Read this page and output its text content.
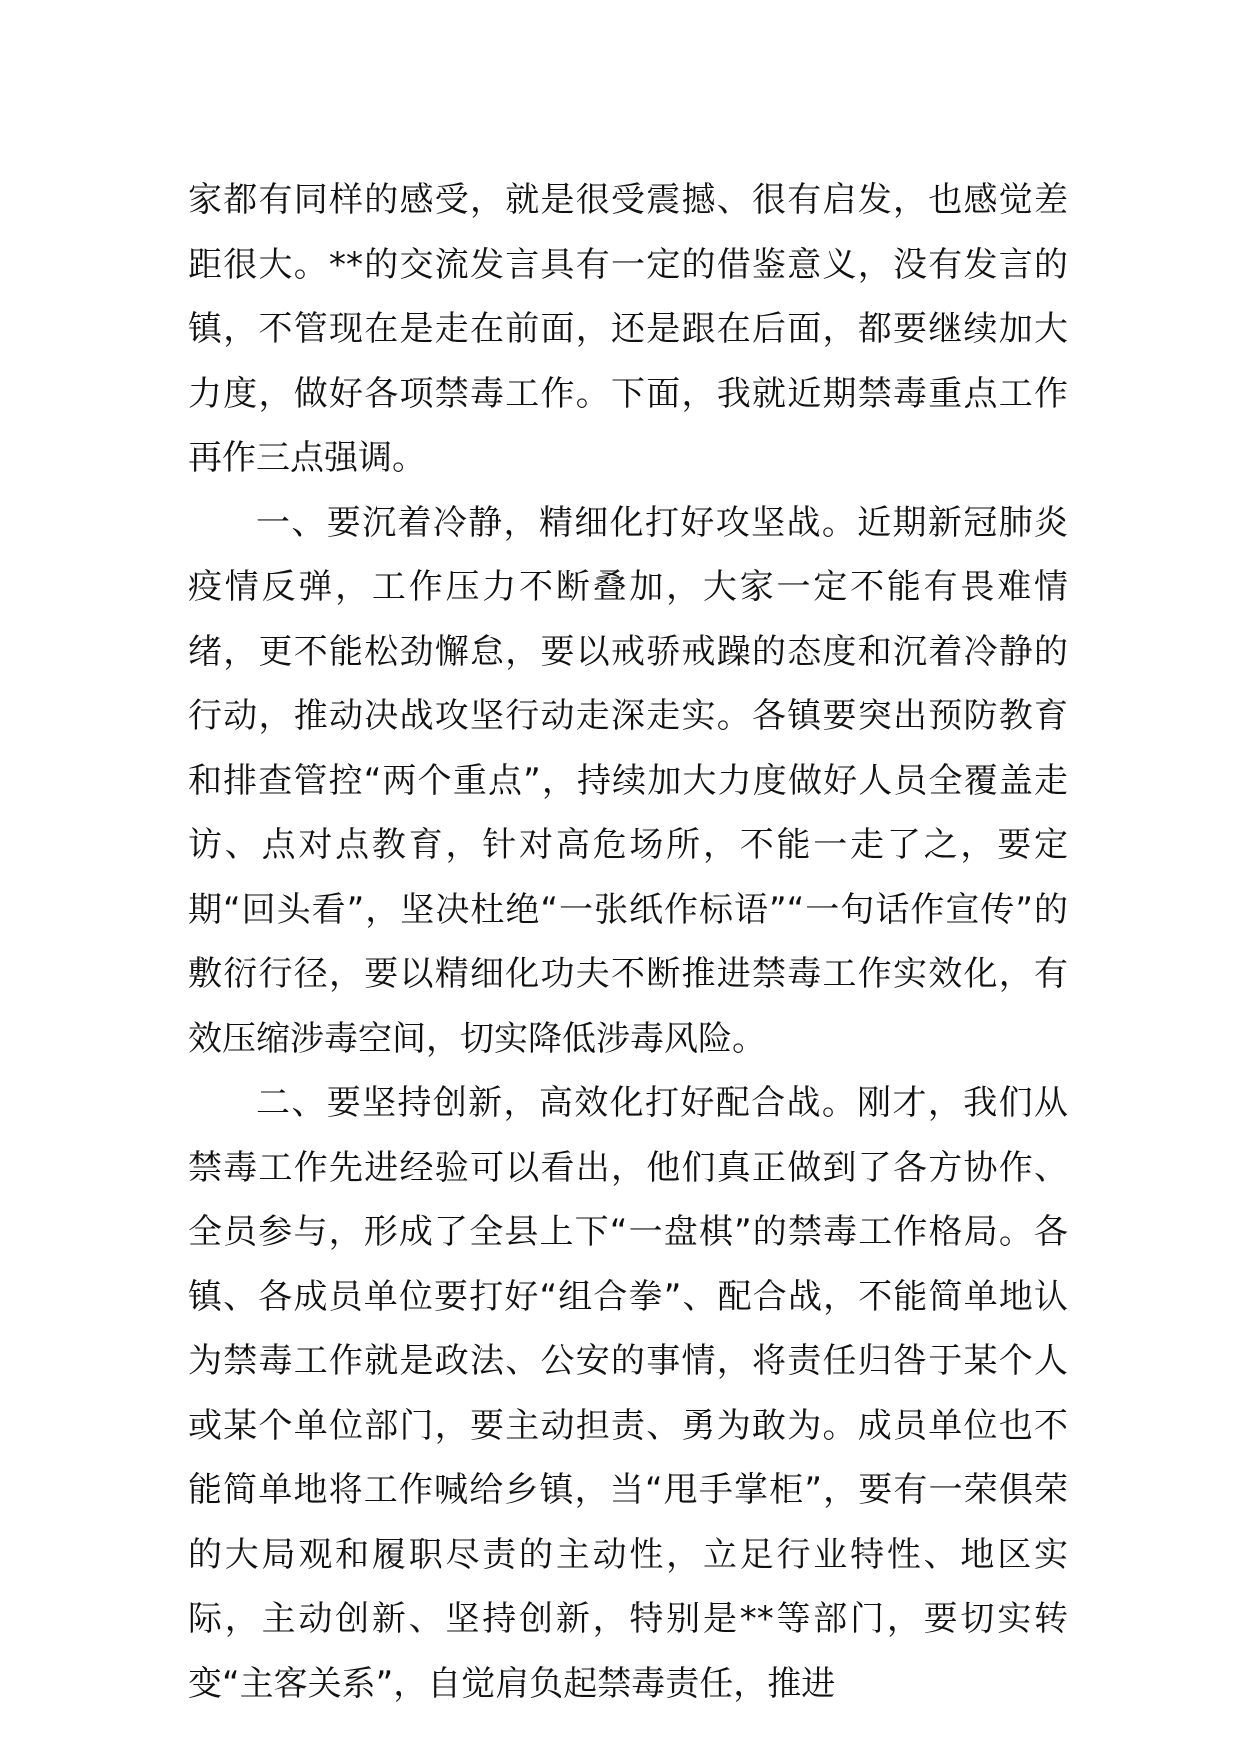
家都有同样的感受，就是很受震撼、很有启发，也感觉差距很大。**的交流发言具有一定的借鉴意义，没有发言的镇，不管现在是走在前面，还是跟在后面，都要继续加大力度，做好各项禁毒工作。下面，我就近期禁毒重点工作再作三点强调。

一、要沉着冷静，精细化打好攻坚战。近期新冠肺炎疫情反弹，工作压力不断叠加，大家一定不能有畏难情绪，更不能松劲懈怠，要以戒骄戒躁的态度和沉着冷静的行动，推动决战攻坚行动走深走实。各镇要突出预防教育和排查管控“两个重点”，持续加大力度做好人员全覆盖走访、点对点教育，针对高危场所，不能一走了之，要定期“回头看”，坚决杜绝“一张纸作标语”“一句话作宣传”的敷衍行径，要以精细化功夫不断推进禁毒工作实效化，有效压缩涉毒空间，切实降低涉毒风险。

二、要坚持创新，高效化打好配合战。刚才，我们从禁毒工作先进经验可以看出，他们真正做到了各方协作、全员参与，形成了全县上下“一盘棋”的禁毒工作格局。各镇、各成员单位要打好“组合拳”、配合战，不能简单地认为禁毒工作就是政法、公安的事情，将责任归咎于某个人或某个单位部门，要主动担责、勇为敢为。成员单位也不能简单地将工作喊给乡镇，当“甩手掌柜”，要有一荣俱荣的大局观和履职尽责的主动性，立足行业特性、地区实际，主动创新、坚持创新，特别是**等部门，要切实转变“主客关系”，自觉肩负起禁毒责任，推进
